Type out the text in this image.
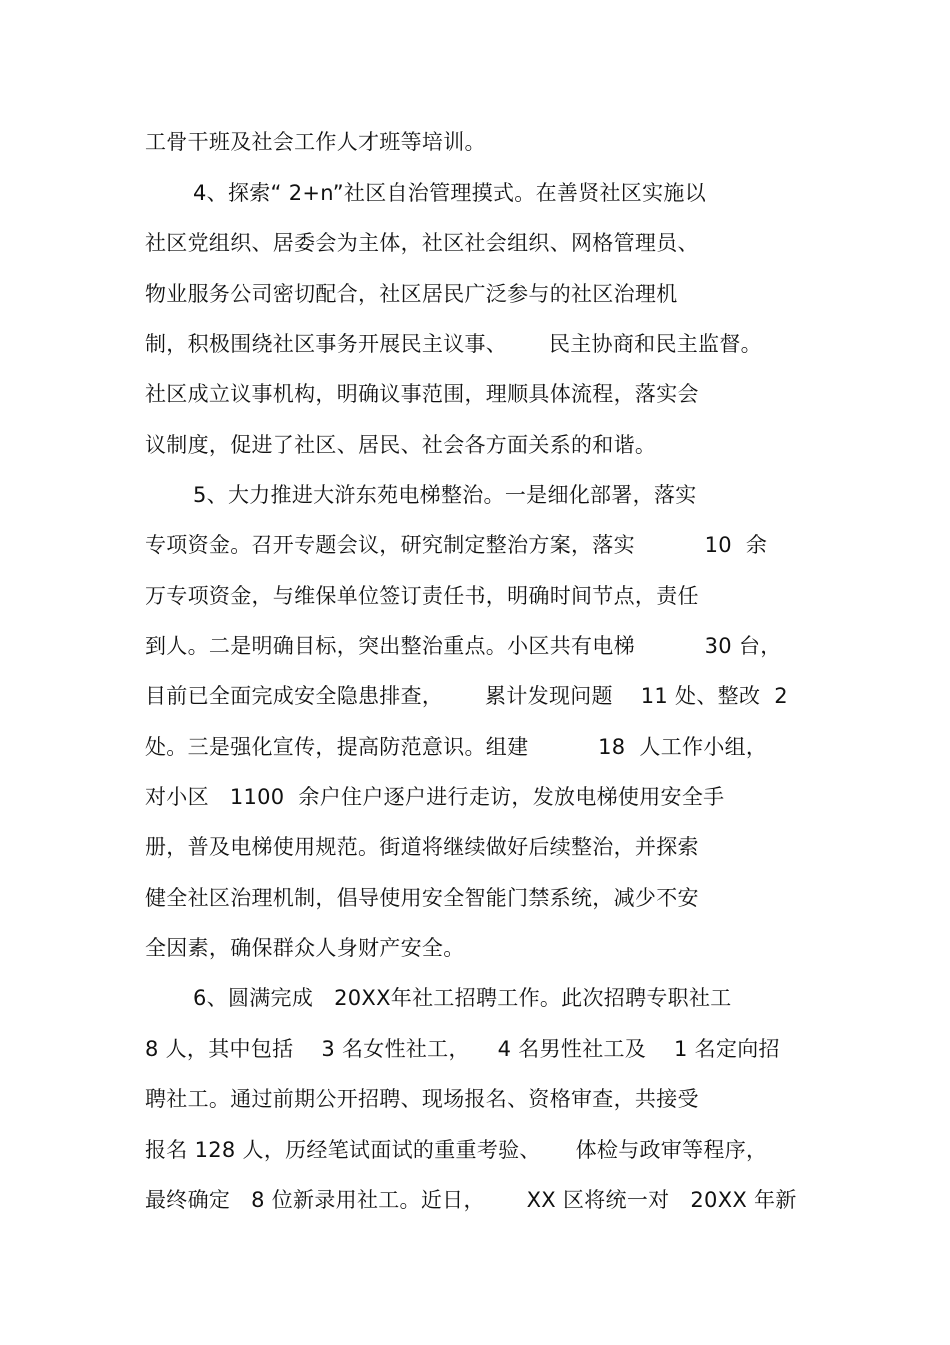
工骨干班及社会工作人才班等培训。
4、探索“ 2+n”社区自治管理摸式。在善贤社区实施以
社区党组织、居委会为主体，社区社会组织、网格管理员、
物业服务公司密切配合，社区居民广泛参与的社区治理机
制，积极围绕社区事务开展民主议事、      民主协商和民主监督。
社区成立议事机构，明确议事范围，理顺具体流程，落实会
议制度，促进了社区、居民、社会各方面关系的和谐。
5、大力推进大浒东苑电梯整治。一是细化部署，落实
专项资金。召开专题会议，研究制定整治方案，落实          10  余
万专项资金，与维保单位签订责任书，明确时间节点，责任
到人。二是明确目标，突出整治重点。小区共有电梯          30 台，
目前已全面完成安全隐患排查，      累计发现问题    11 处、整改  2
处。三是强化宣传，提高防范意识。组建          18  人工作小组，
对小区   1100  余户住户逐户进行走访，发放电梯使用安全手
册，普及电梯使用规范。街道将继续做好后续整治，并探索
健全社区治理机制，倡导使用安全智能门禁系统，减少不安
全因素，确保群众人身财产安全。
6、圆满完成   20XX年社工招聘工作。此次招聘专职社工
8 人，其中包括    3 名女性社工，    4 名男性社工及    1 名定向招
聘社工。通过前期公开招聘、现场报名、资格审查，共接受
报名 128 人，历经笔试面试的重重考验、     体检与政审等程序，
最终确定   8 位新录用社工。近日，      XX 区将统一对   20XX 年新
